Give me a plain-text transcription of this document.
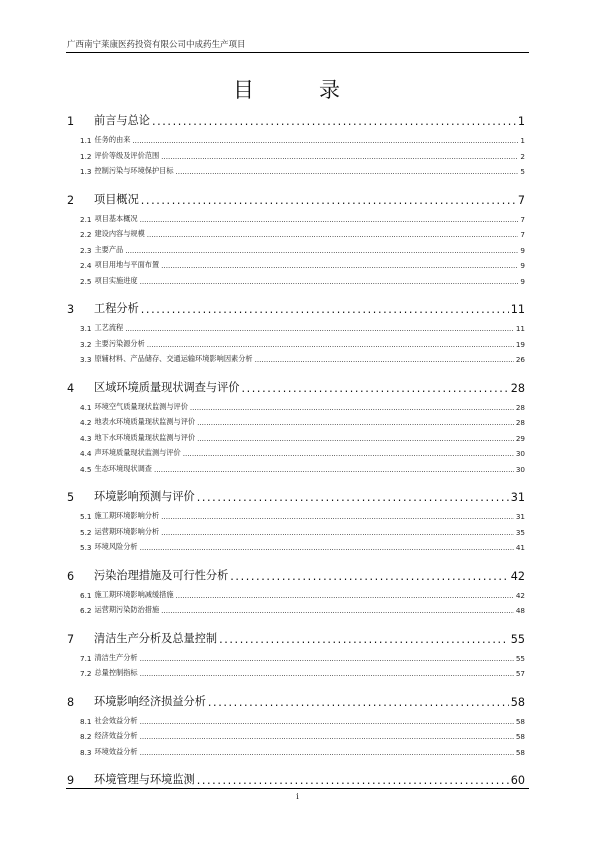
广西南宁莱康医药投资有限公司中成药生产项目
目　录
1	前言与总论 .....	1
1.1 任务的由来 .....	1
1.2 评价等级及评价范围 .....	2
1.3 控制污染与环境保护目标 .....	5
2	项目概况 .....	7
2.1 项目基本概况 .....	7
2.2 建设内容与规模 .....	7
2.3 主要产品 .....	9
2.4 项目用地与平面布置 .....	9
2.5 项目实施进度 .....	9
3	工程分析 .....	11
3.1 工艺流程 .....	11
3.2 主要污染源分析 .....	19
3.3 原辅材料、产品储存、交通运输环境影响因素分析 .....	26
4	区域环境质量现状调查与评价 .....	28
4.1 环境空气质量现状监测与评价 .....	28
4.2 地表水环境质量现状监测与评价 .....	28
4.3 地下水环境质量现状监测与评价 .....	29
4.4 声环境质量现状监测与评价 .....	30
4.5 生态环境现状调查 .....	30
5	环境影响预测与评价 .....	31
5.1 施工期环境影响分析 .....	31
5.2 运营期环境影响分析 .....	35
5.3 环境风险分析 .....	41
6	污染治理措施及可行性分析 .....	42
6.1 施工期环境影响减缓措施 .....	42
6.2 运营期污染防治措施 .....	48
7	清洁生产分析及总量控制 .....	55
7.1 清洁生产分析 .....	55
7.2 总量控制指标 .....	57
8	环境影响经济损益分析 .....	58
8.1 社会效益分析 .....	58
8.2 经济效益分析 .....	58
8.3 环境效益分析 .....	58
9	环境管理与环境监测 .....	60
i
